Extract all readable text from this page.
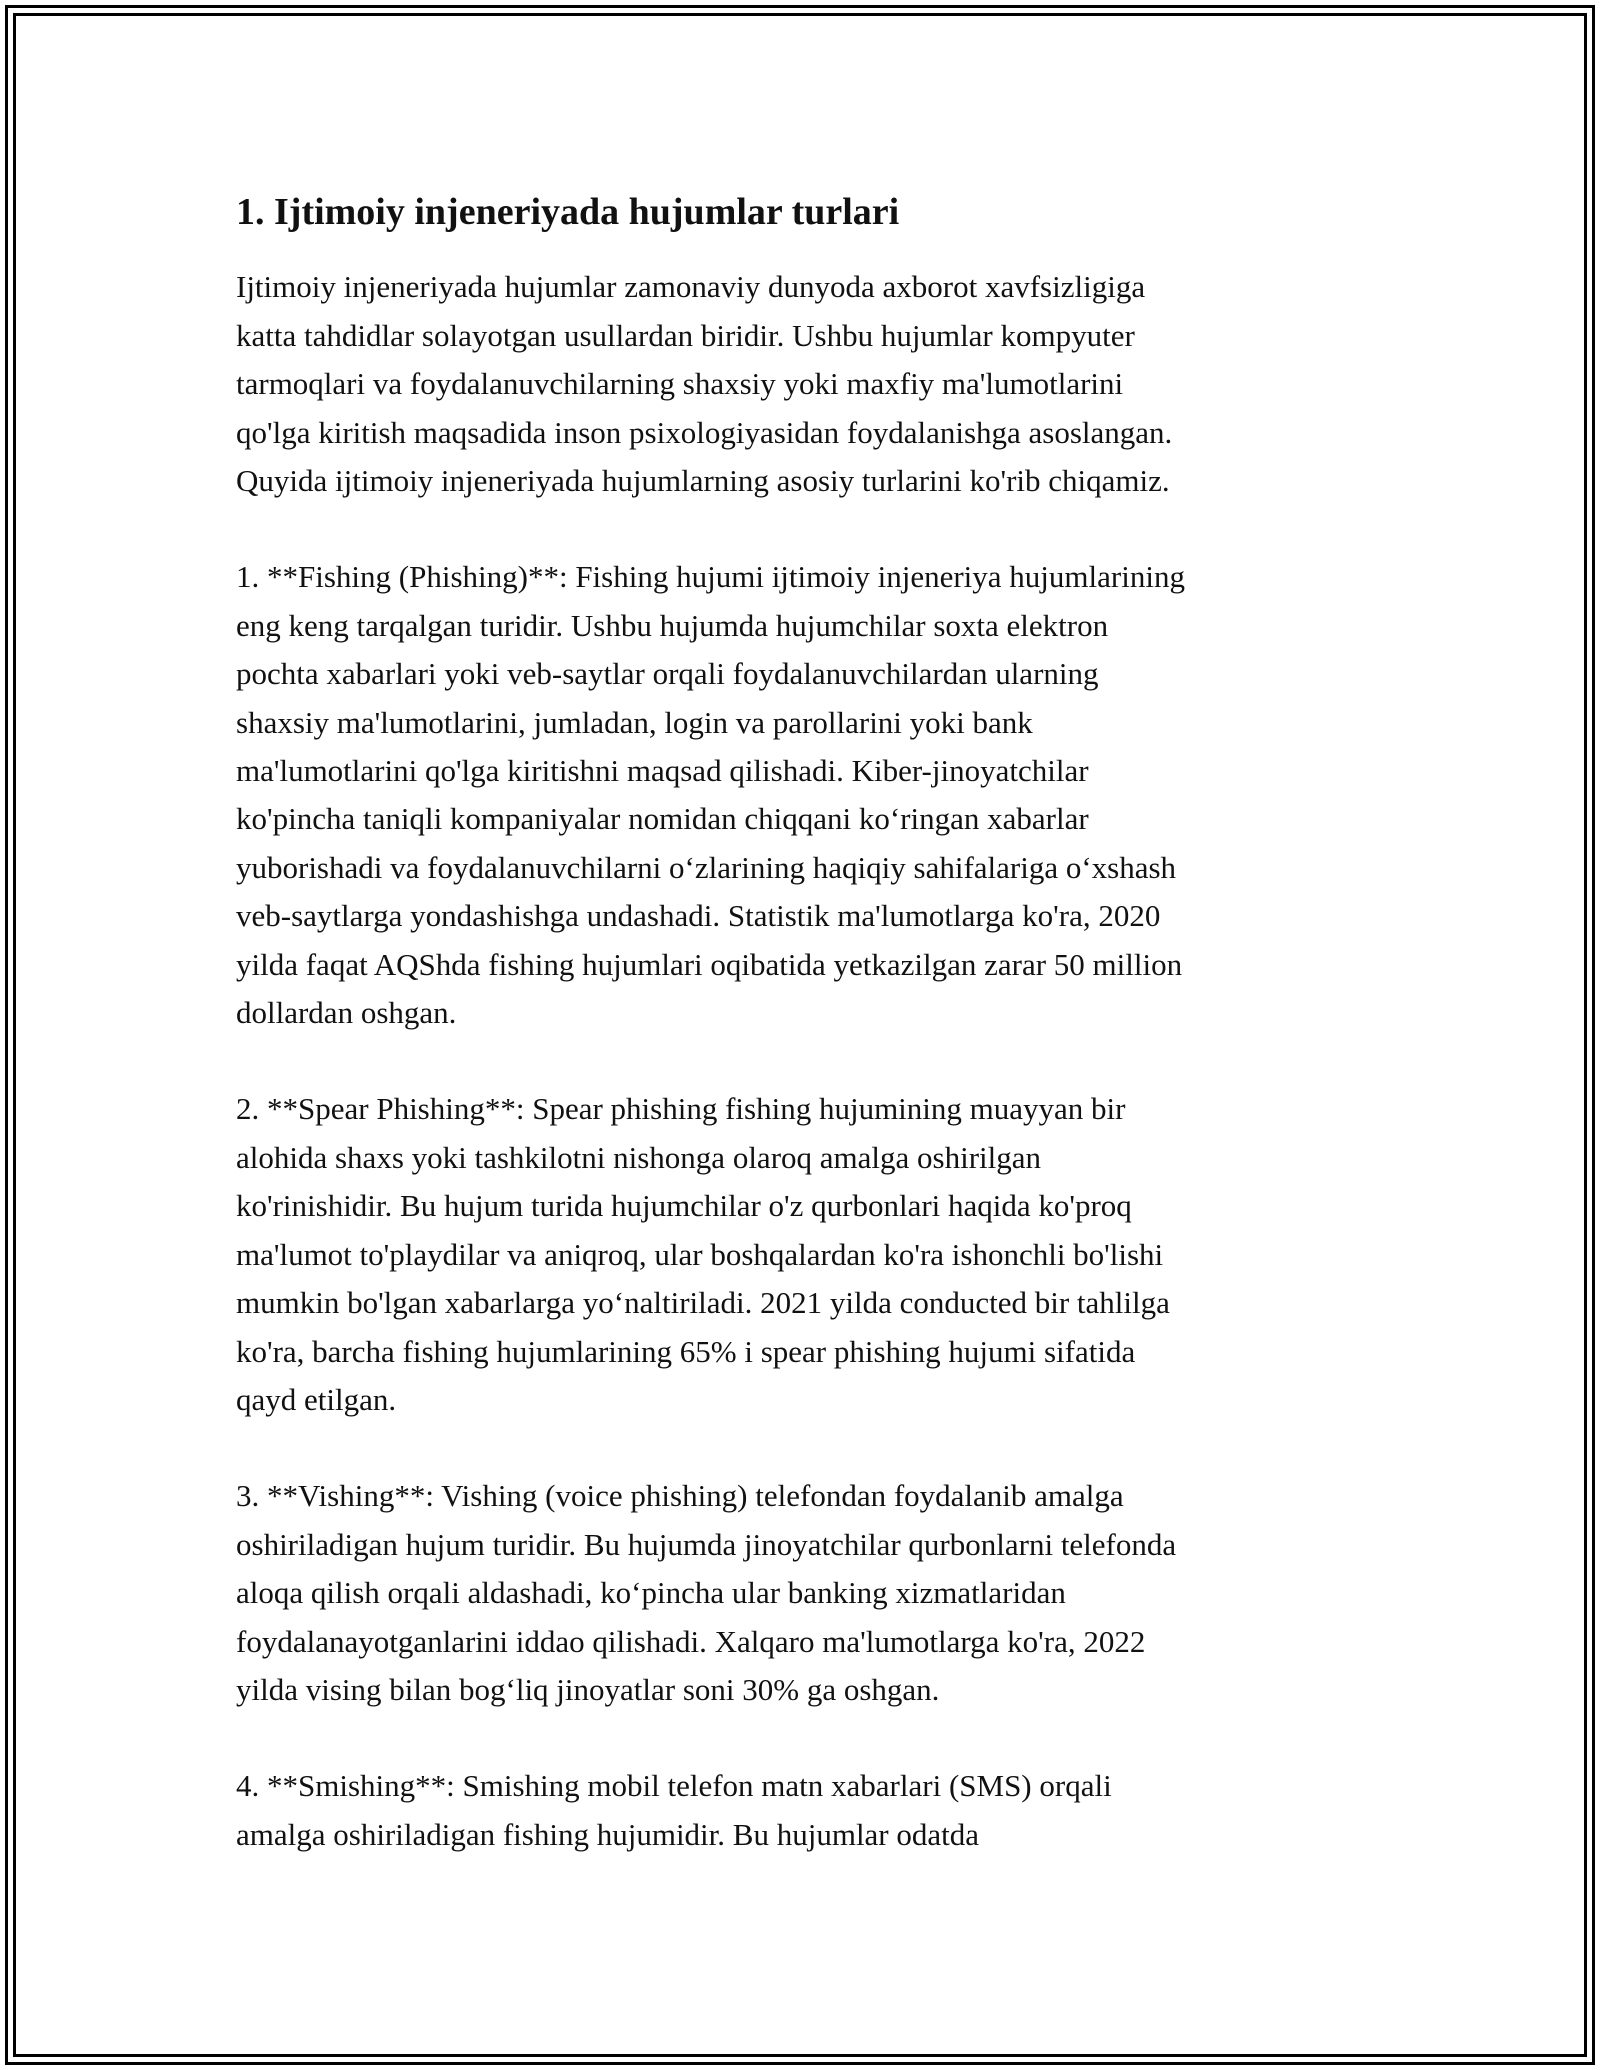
1. Ijtimoiy injeneriyada hujumlar turlari

Ijtimoiy injeneriyada hujumlar zamonaviy dunyoda axborot xavfsizligiga
katta tahdidlar solayotgan usullardan biridir. Ushbu hujumlar kompyuter
tarmoqlari va foydalanuvchilarning shaxsiy yoki maxfiy ma'lumotlarini
qo'lga kiritish maqsadida inson psixologiyasidan foydalanishga asoslangan.
Quyida ijtimoiy injeneriyada hujumlarning asosiy turlarini ko'rib chiqamiz.

1. **Fishing (Phishing)**: Fishing hujumi ijtimoiy injeneriya hujumlarining
eng keng tarqalgan turidir. Ushbu hujumda hujumchilar soxta elektron
pochta xabarlari yoki veb-saytlar orqali foydalanuvchilardan ularning
shaxsiy ma'lumotlarini, jumladan, login va parollarini yoki bank
ma'lumotlarini qo'lga kiritishni maqsad qilishadi. Kiber-jinoyatchilar
ko'pincha taniqli kompaniyalar nomidan chiqqani ko‘ringan xabarlar
yuborishadi va foydalanuvchilarni o‘zlarining haqiqiy sahifalariga o‘xshash
veb-saytlarga yondashishga undashadi. Statistik ma'lumotlarga ko'ra, 2020
yilda faqat AQShda fishing hujumlari oqibatida yetkazilgan zarar 50 million
dollardan oshgan.

2. **Spear Phishing**: Spear phishing fishing hujumining muayyan bir
alohida shaxs yoki tashkilotni nishonga olaroq amalga oshirilgan
ko'rinishidir. Bu hujum turida hujumchilar o'z qurbonlari haqida ko'proq
ma'lumot to'playdilar va aniqroq, ular boshqalardan ko'ra ishonchli bo'lishi
mumkin bo'lgan xabarlarga yo‘naltiriladi. 2021 yilda conducted bir tahlilga
ko'ra, barcha fishing hujumlarining 65% i spear phishing hujumi sifatida
qayd etilgan.

3. **Vishing**: Vishing (voice phishing) telefondan foydalanib amalga
oshiriladigan hujum turidir. Bu hujumda jinoyatchilar qurbonlarni telefonda
aloqa qilish orqali aldashadi, ko‘pincha ular banking xizmatlaridan
foydalanayotganlarini iddao qilishadi. Xalqaro ma'lumotlarga ko'ra, 2022
yilda vising bilan bog‘liq jinoyatlar soni 30% ga oshgan.

4. **Smishing**: Smishing mobil telefon matn xabarlari (SMS) orqali
amalga oshiriladigan fishing hujumidir. Bu hujumlar odatda
